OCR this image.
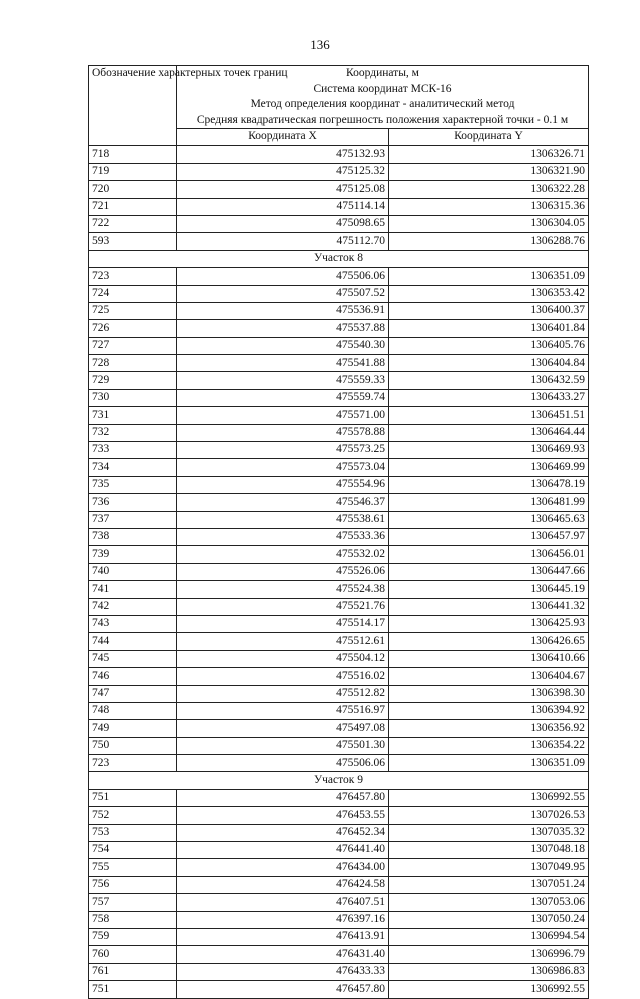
136
Обозначение характерных точек границ	Координаты, м
Система координат МСК-16
Метод определения координат - аналитический метод
Средняя квадратическая погрешность положения характерной точки - 0.1 м	

	Координата X	Координата Y
718	475132.93	1306326.71
719	475125.32	1306321.90
720	475125.08	1306322.28
721	475114.14	1306315.36
722	475098.65	1306304.05
593	475112.70	1306288.76
Участок 8		
723	475506.06	1306351.09
724	475507.52	1306353.42
725	475536.91	1306400.37
726	475537.88	1306401.84
727	475540.30	1306405.76
728	475541.88	1306404.84
729	475559.33	1306432.59
730	475559.74	1306433.27
731	475571.00	1306451.51
732	475578.88	1306464.44
733	475573.25	1306469.93
734	475573.04	1306469.99
735	475554.96	1306478.19
736	475546.37	1306481.99
737	475538.61	1306465.63
738	475533.36	1306457.97
739	475532.02	1306456.01
740	475526.06	1306447.66
741	475524.38	1306445.19
742	475521.76	1306441.32
743	475514.17	1306425.93
744	475512.61	1306426.65
745	475504.12	1306410.66
746	475516.02	1306404.67
747	475512.82	1306398.30
748	475516.97	1306394.92
749	475497.08	1306356.92
750	475501.30	1306354.22
723	475506.06	1306351.09
Участок 9		
751	476457.80	1306992.55
752	476453.55	1307026.53
753	476452.34	1307035.32
754	476441.40	1307048.18
755	476434.00	1307049.95
756	476424.58	1307051.24
757	476407.51	1307053.06
758	476397.16	1307050.24
759	476413.91	1306994.54
760	476431.40	1306996.79
761	476433.33	1306986.83
751	476457.80	1306992.55
